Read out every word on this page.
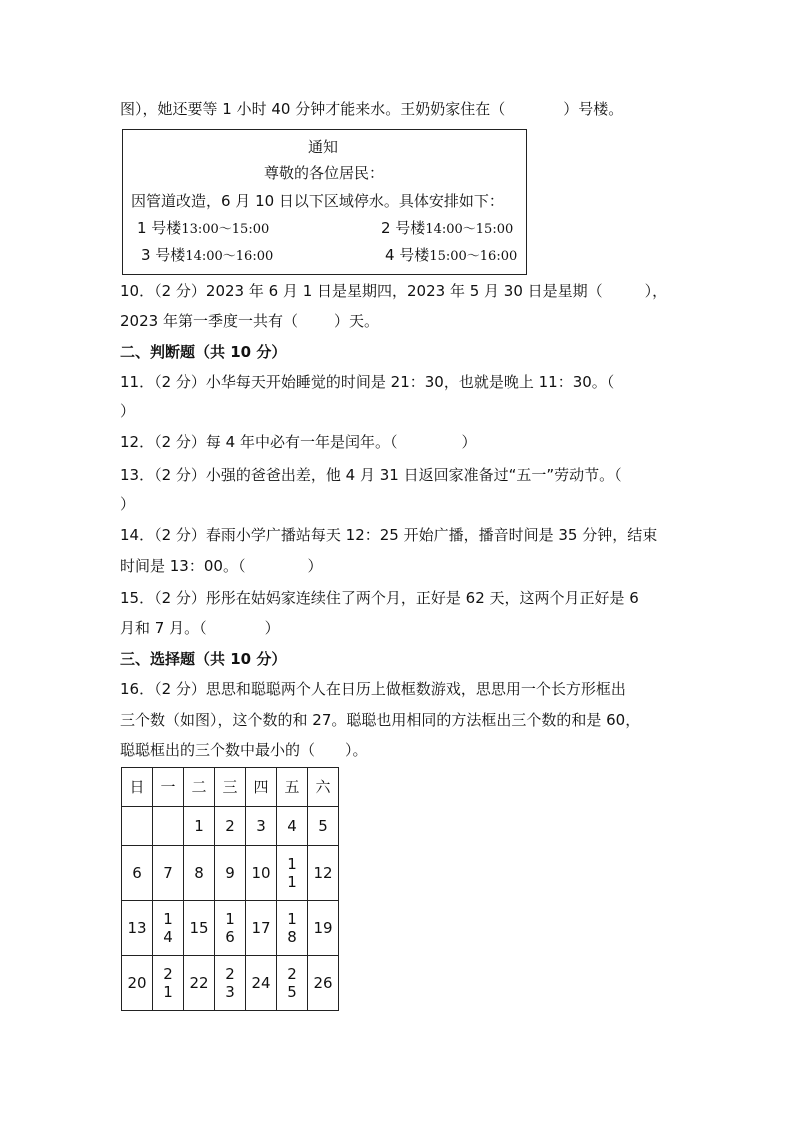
图），她还要等 1 小时 40 分钟才能来水。王奶奶家住在（	）号楼。
通知
尊敬的各位居民：
因管道改造，6 月 10 日以下区域停水。具体安排如下：
1 号楼13:00～15:00	2 号楼14:00～15:00
3 号楼14:00～16:00	4 号楼15:00～16:00
10．（2 分）2023 年 6 月 1 日是星期四，2023 年 5 月 30 日是星期（	），
2023 年第一季度一共有（ ）天。
二、判断题（共 10 分）
11．（2 分）小华每天开始睡觉的时间是 21：30，也就是晚上 11：30。（
）
12．（2 分）每 4 年中必有一年是闰年。（	）
13．（2 分）小强的爸爸出差，他 4 月 31 日返回家准备过“五一”劳动节。（
）
14．（2 分）春雨小学广播站每天 12：25 开始广播，播音时间是 35 分钟，结束
时间是 13：00。（	）
15．（2 分）彤彤在姑妈家连续住了两个月，正好是 62 天，这两个月正好是 6
月和 7 月。（	）
三、选择题（共 10 分）
16．（2 分）思思和聪聪两个人在日历上做框数游戏，思思用一个长方形框出
三个数（如图），这个数的和 27。聪聪也用相同的方法框出三个数的和是 60，
聪聪框出的三个数中最小的（ ）。
日	一	二	三	四	五	六
		1	2	3	4	5
6	7	8	9	10	11	12
13	14	15	16	17	18	19
20	21	22	23	24	25	26
